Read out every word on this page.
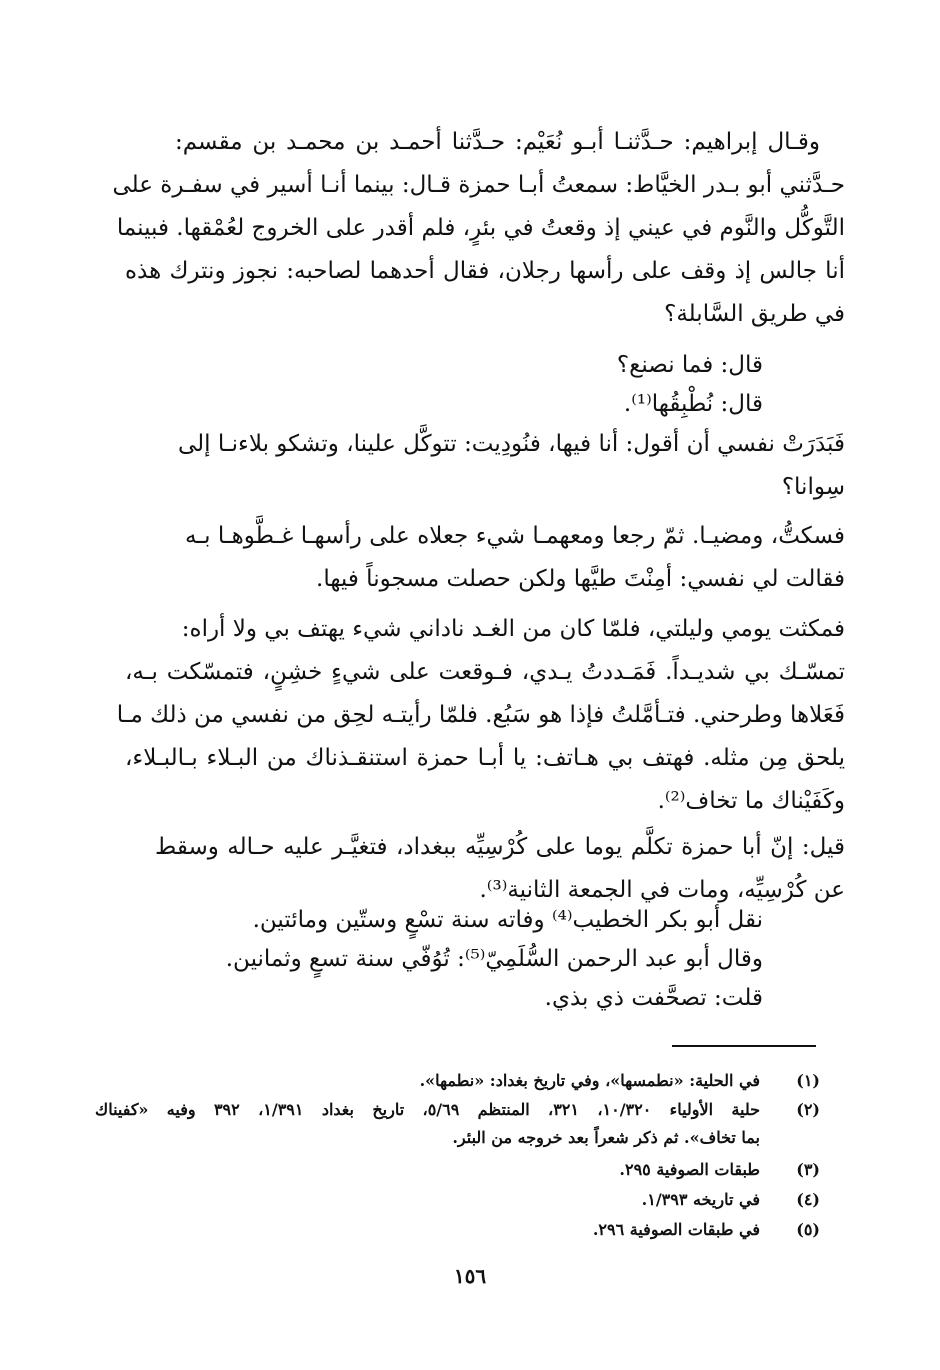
وقـال إبراهيم: حـدَّثنـا أبـو نُعَيْم: حـدَّثنا أحمـد بن محمـد بن مقسم:
حـدَّثني أبو بـدر الخيَّاط: سمعتُ أبـا حمزة قـال: بينما أنـا أسير في سفـرة على
التَّوكُّل والنَّوم في عيني إذ وقعتُ في بئرٍ، فلم أقدر على الخروج لعُمْقها. فبينما
أنا جالس إذ وقف على رأسها رجلان، فقال أحدهما لصاحبه: نجوز ونترك هذه
في طريق السَّابلة؟
قال: فما نصنع؟
قال: نُطْبِقُها⁽¹⁾.
فَبَدَرَتْ نفسي أن أقول: أنا فيها، فنُودِيت: تتوكَّل علينا، وتشكو بلاءنـا إلى
سِوانا؟
فسكتُّ، ومضيـا. ثمّ رجعا ومعهمـا شيء جعلاه على رأسهـا غـطَّوهـا بـه
فقالت لي نفسي: أمِنْتَ طيَّها ولكن حصلت مسجوناً فيها.
فمكثت يومي وليلتي، فلمّا كان من الغـد ناداني شيء يهتف بي ولا أراه:
تمسّـك بي شديـداً. فَمَـددتُ يـدي، فـوقعت على شيءٍ خشِنٍ، فتمسّكت بـه،
فَعَلاها وطرحني. فتـأمَّلتُ فإذا هو سَبُع. فلمّا رأيتـه لحِق من نفسي من ذلك مـا
يلحق مِن مثله. فهتف بي هـاتف: يا أبـا حمزة استنقـذناك من البـلاء بـالبـلاء،
وكَفَيْناك ما تخاف⁽²⁾.
قيل: إنّ أبا حمزة تكلَّم يوما على كُرْسِيِّه ببغداد، فتغيَّـر عليه حـاله وسقط
عن كُرْسِيِّه، ومات في الجمعة الثانية⁽³⁾.
نقل أبو بكر الخطيب⁽⁴⁾ وفاته سنة تسْعٍ وستّين ومائتين.
وقال أبو عبد الرحمن السُّلَمِيّ⁽⁵⁾: تُوُفّي سنة تسعٍ وثمانين.
قلت: تصحَّفت ذي بذي.
(١)
في الحلية: «نطمسها»، وفي تاريخ بغداد: «نطمها».
(٢)
حلية الأولياء ١٠/٣٢٠، ٣٢١، المنتظم ٥/٦٩، تاريخ بغداد ١/٣٩١، ٣٩٢ وفيه «كفيناك
بما تخاف». ثم ذكر شعراً بعد خروجه من البئر.
(٣)
طبقات الصوفية ٢٩٥.
(٤)
في تاريخه ١/٣٩٣.
(٥)
في طبقات الصوفية ٢٩٦.
١٥٦
